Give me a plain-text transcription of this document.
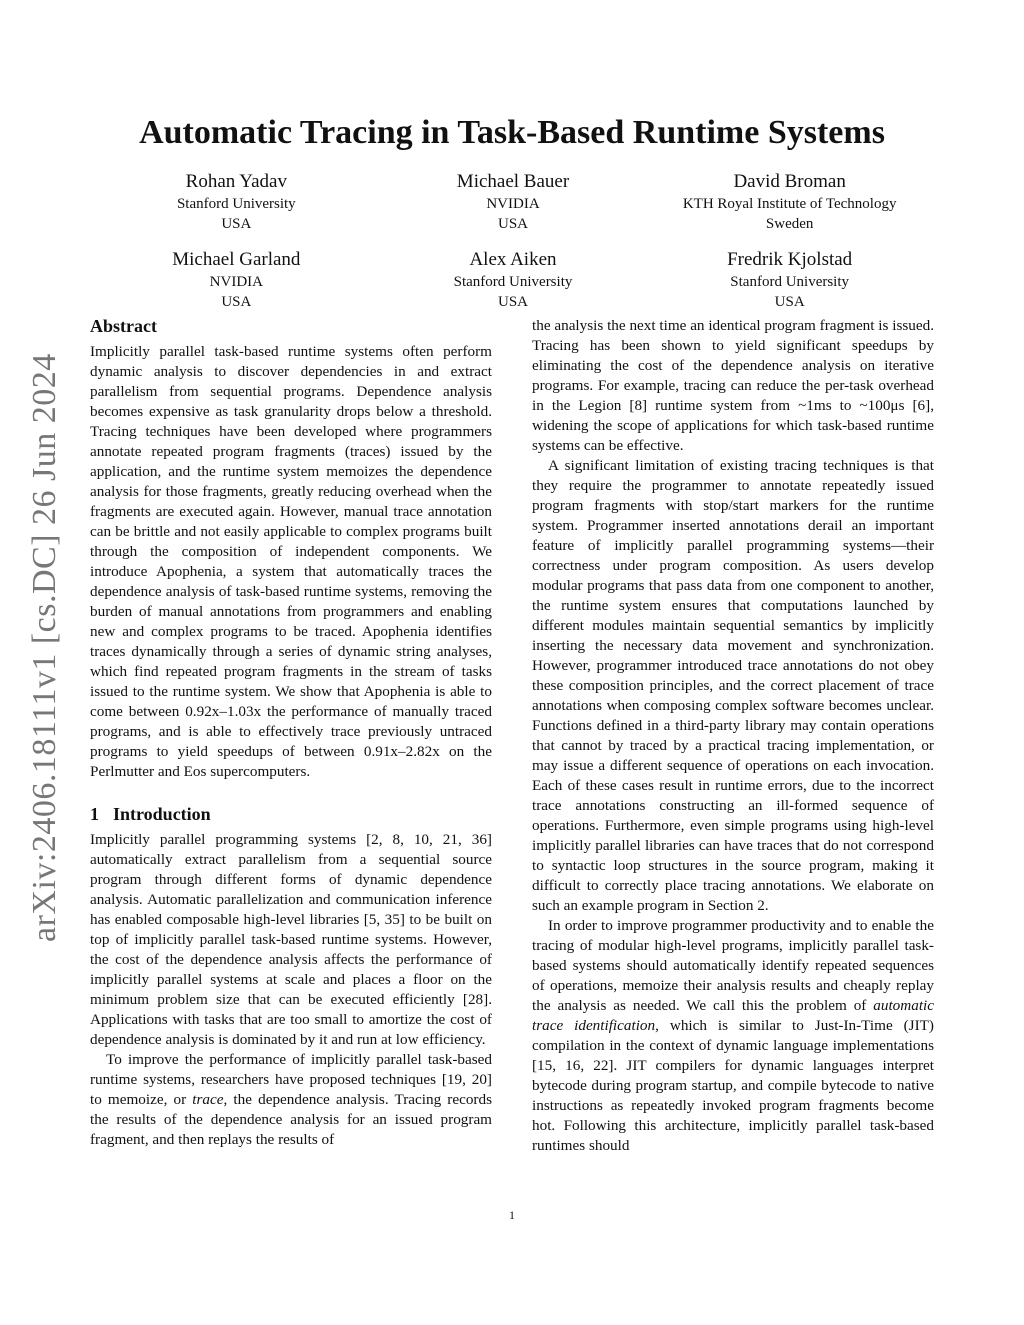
arXiv:2406.18111v1 [cs.DC] 26 Jun 2024
Automatic Tracing in Task-Based Runtime Systems
Rohan Yadav
Stanford University
USA
Michael Bauer
NVIDIA
USA
David Broman
KTH Royal Institute of Technology
Sweden
Michael Garland
NVIDIA
USA
Alex Aiken
Stanford University
USA
Fredrik Kjolstad
Stanford University
USA
Abstract

Implicitly parallel task-based runtime systems often perform dynamic analysis to discover dependencies in and extract parallelism from sequential programs. Dependence analysis becomes expensive as task granularity drops below a threshold. Tracing techniques have been developed where programmers annotate repeated program fragments (traces) issued by the application, and the runtime system memoizes the dependence analysis for those fragments, greatly reducing overhead when the fragments are executed again. However, manual trace annotation can be brittle and not easily applicable to complex programs built through the composition of independent components. We introduce Apophenia, a system that automatically traces the dependence analysis of task-based runtime systems, removing the burden of manual annotations from programmers and enabling new and complex programs to be traced. Apophenia identifies traces dynamically through a series of dynamic string analyses, which find repeated program fragments in the stream of tasks issued to the runtime system. We show that Apophenia is able to come between 0.92x–1.03x the performance of manually traced programs, and is able to effectively trace previously untraced programs to yield speedups of between 0.91x–2.82x on the Perlmutter and Eos supercomputers.

1 Introduction

Implicitly parallel programming systems [2, 8, 10, 21, 36] automatically extract parallelism from a sequential source program through different forms of dynamic dependence analysis. Automatic parallelization and communication inference has enabled composable high-level libraries [5, 35] to be built on top of implicitly parallel task-based runtime systems. However, the cost of the dependence analysis affects the performance of implicitly parallel systems at scale and places a floor on the minimum problem size that can be executed efficiently [28]. Applications with tasks that are too small to amortize the cost of dependence analysis is dominated by it and run at low efficiency.

To improve the performance of implicitly parallel task-based runtime systems, researchers have proposed techniques [19, 20] to memoize, or trace, the dependence analysis. Tracing records the results of the dependence analysis for an issued program fragment, and then replays the results of

the analysis the next time an identical program fragment is issued. Tracing has been shown to yield significant speedups by eliminating the cost of the dependence analysis on iterative programs. For example, tracing can reduce the per-task overhead in the Legion [8] runtime system from ~1ms to ~100μs [6], widening the scope of applications for which task-based runtime systems can be effective.

A significant limitation of existing tracing techniques is that they require the programmer to annotate repeatedly issued program fragments with stop/start markers for the runtime system. Programmer inserted annotations derail an important feature of implicitly parallel programming systems—their correctness under program composition. As users develop modular programs that pass data from one component to another, the runtime system ensures that computations launched by different modules maintain sequential semantics by implicitly inserting the necessary data movement and synchronization. However, programmer introduced trace annotations do not obey these composition principles, and the correct placement of trace annotations when composing complex software becomes unclear. Functions defined in a third-party library may contain operations that cannot by traced by a practical tracing implementation, or may issue a different sequence of operations on each invocation. Each of these cases result in runtime errors, due to the incorrect trace annotations constructing an ill-formed sequence of operations. Furthermore, even simple programs using high-level implicitly parallel libraries can have traces that do not correspond to syntactic loop structures in the source program, making it difficult to correctly place tracing annotations. We elaborate on such an example program in Section 2.

In order to improve programmer productivity and to enable the tracing of modular high-level programs, implicitly parallel task-based systems should automatically identify repeated sequences of operations, memoize their analysis results and cheaply replay the analysis as needed. We call this the problem of automatic trace identification, which is similar to Just-In-Time (JIT) compilation in the context of dynamic language implementations [15, 16, 22]. JIT compilers for dynamic languages interpret bytecode during program startup, and compile bytecode to native instructions as repeatedly invoked program fragments become hot. Following this architecture, implicitly parallel task-based runtimes should

1
